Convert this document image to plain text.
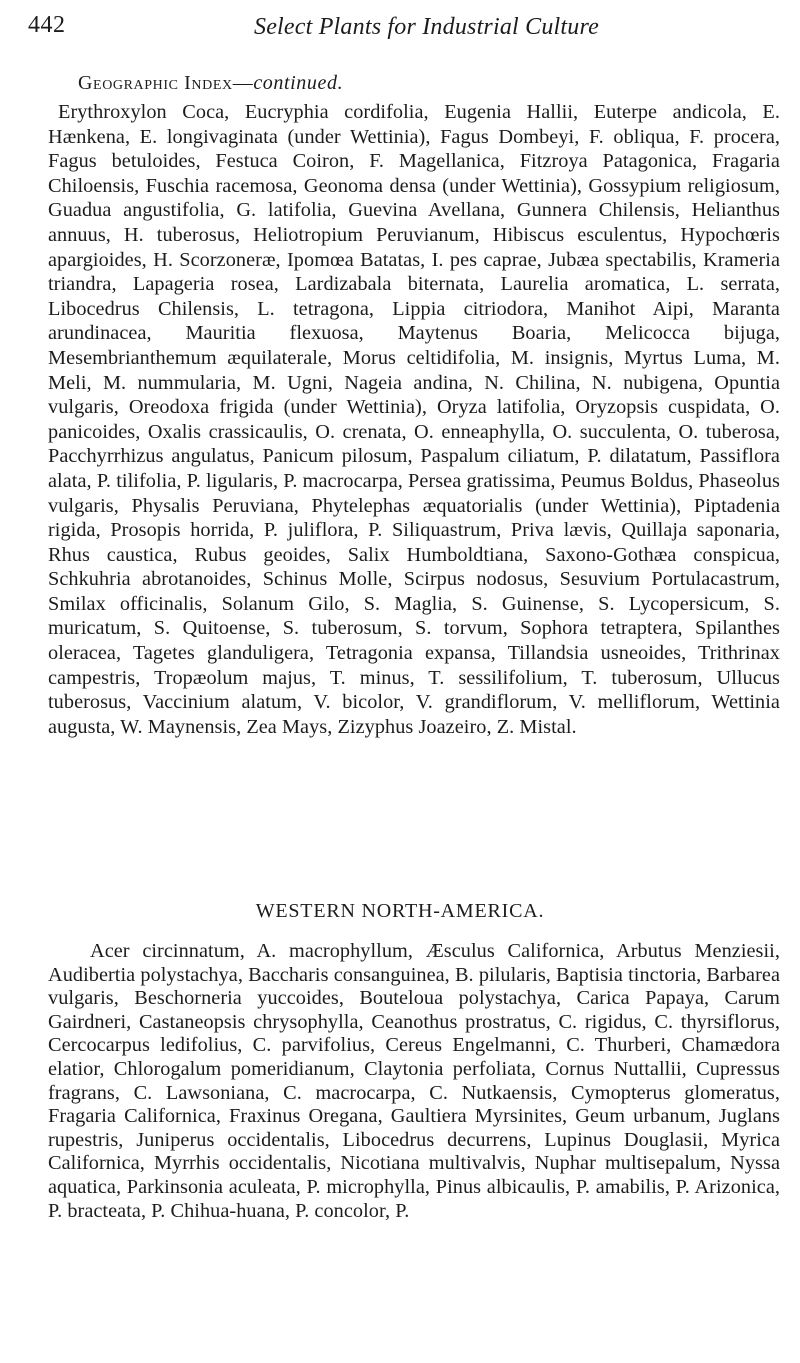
442	Select Plants for Industrial Culture
Geographic Index—continued.

Erythroxylon Coca, Eucryphia cordifolia, Eugenia Hallii, Euterpe andicola, E. Hænkena, E. longivaginata (under Wettinia), Fagus Dombeyi, F. obliqua, F. procera, Fagus betuloides, Festuca Coiron, F. Magellanica, Fitzroya Patagonica, Fragaria Chiloensis, Fuschia racemosa, Geonoma densa (under Wettinia), Gossypium religiosum, Guadua angustifolia, G. latifolia, Guevina Avellana, Gunnera Chilensis, Helianthus annuus, H. tuberosus, Heliotropium Peruvianum, Hibiscus esculentus, Hypochœris apargioides, H. Scorzoneræ, Ipomœa Batatas, I. pes caprae, Jubæa spectabilis, Krameria triandra, Lapageria rosea, Lardizabala biternata, Laurelia aromatica, L. serrata, Libocedrus Chilensis, L. tetragona, Lippia citriodora, Manihot Aipi, Maranta arundinacea, Mauritia flexuosa, Maytenus Boaria, Melicocca bijuga, Mesembrianthemum æquilaterale, Morus celtidifolia, M. insignis, Myrtus Luma, M. Meli, M. nummularia, M. Ugni, Nageia andina, N. Chilina, N. nubigena, Opuntia vulgaris, Oreodoxa frigida (under Wettinia), Oryza latifolia, Oryzopsis cuspidata, O. panicoides, Oxalis crassicaulis, O. crenata, O. enneaphylla, O. succulenta, O. tuberosa, Pacchyrrhizus angulatus, Panicum pilosum, Paspalum ciliatum, P. dilatatum, Passiflora alata, P. tilifolia, P. ligularis, P. macrocarpa, Persea gratissima, Peumus Boldus, Phaseolus vulgaris, Physalis Peruviana, Phytelephas æquatorialis (under Wettinia), Piptadenia rigida, Prosopis horrida, P. juliflora, P. Siliquastrum, Priva lævis, Quillaja saponaria, Rhus caustica, Rubus geoides, Salix Humboldtiana, Saxono-Gothæa conspicua, Schkuhria abrotanoides, Schinus Molle, Scirpus nodosus, Sesuvium Portulacastrum, Smilax officinalis, Solanum Gilo, S. Maglia, S. Guinense, S. Lycopersicum, S. muricatum, S. Quitoense, S. tuberosum, S. torvum, Sophora tetraptera, Spilanthes oleracea, Tagetes glanduligera, Tetragonia expansa, Tillandsia usneoides, Trithrinax campestris, Tropæolum majus, T. minus, T. sessilifolium, T. tuberosum, Ullucus tuberosus, Vaccinium alatum, V. bicolor, V. grandiflorum, V. melliflorum, Wettinia augusta, W. Maynensis, Zea Mays, Zizyphus Joazeiro, Z. Mistal.

WESTERN NORTH-AMERICA.

Acer circinnatum, A. macrophyllum, Æsculus Californica, Arbutus Menziesii, Audibertia polystachya, Baccharis consanguinea, B. pilularis, Baptisia tinctoria, Barbarea vulgaris, Beschorneria yuccoides, Bouteloua polystachya, Carica Papaya, Carum Gairdneri, Castaneopsis chrysophylla, Ceanothus prostratus, C. rigidus, C. thyrsiflorus, Cercocarpus ledifolius, C. parvifolius, Cereus Engelmanni, C. Thurberi, Chamædora elatior, Chlorogalum pomeridianum, Claytonia perfoliata, Cornus Nuttallii, Cupressus fragrans, C. Lawsoniana, C. macrocarpa, C. Nutkaensis, Cymopterus glomeratus, Fragaria Californica, Fraxinus Oregana, Gaultiera Myrsinites, Geum urbanum, Juglans rupestris, Juniperus occidentalis, Libocedrus decurrens, Lupinus Douglasii, Myrica Californica, Myrrhis occidentalis, Nicotiana multivalvis, Nuphar multisepalum, Nyssa aquatica, Parkinsonia aculeata, P. microphylla, Pinus albicaulis, P. amabilis, P. Arizonica, P. bracteata, P. Chihua-huana, P. concolor, P.
